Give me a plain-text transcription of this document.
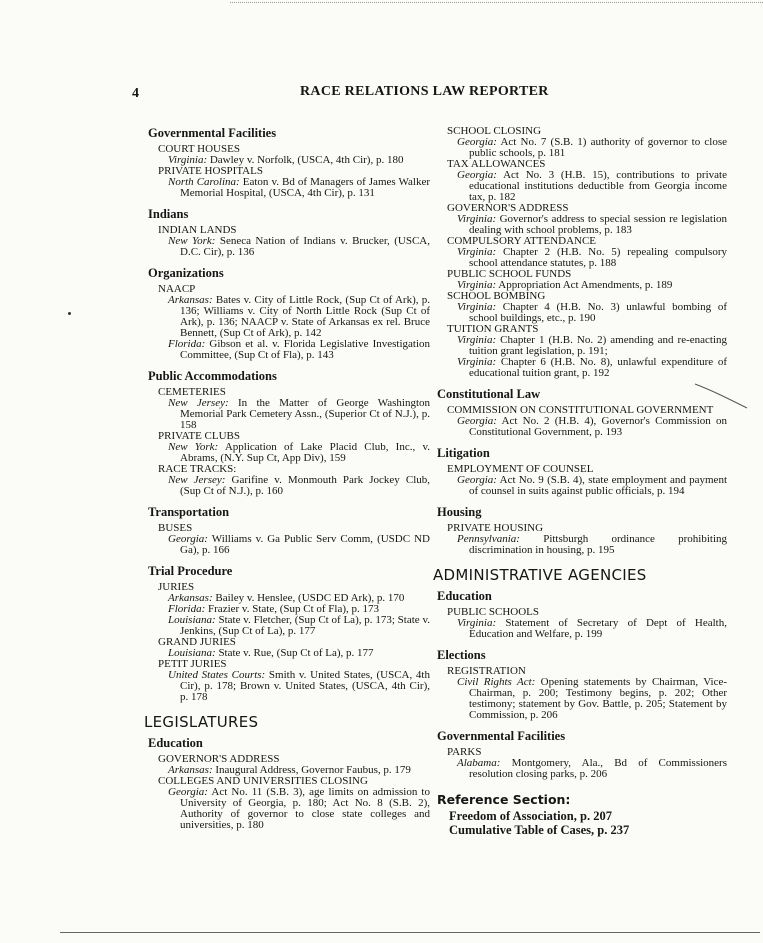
4	RACE RELATIONS LAW REPORTER
Governmental Facilities
COURT HOUSES
Virginia: Dawley v. Norfolk, (USCA, 4th Cir), p. 180
PRIVATE HOSPITALS
North Carolina: Eaton v. Bd of Managers of James Walker Memorial Hospital, (USCA, 4th Cir), p. 131
Indians
INDIAN LANDS
New York: Seneca Nation of Indians v. Brucker, (USCA, D.C. Cir), p. 136
Organizations
NAACP
Arkansas: Bates v. City of Little Rock, (Sup Ct of Ark), p. 136; Williams v. City of North Little Rock (Sup Ct of Ark), p. 136; NAACP v. State of Arkansas ex rel. Bruce Bennett, (Sup Ct of Ark), p. 142
Florida: Gibson et al. v. Florida Legislative Investigation Committee, (Sup Ct of Fla), p. 143
Public Accommodations
CEMETERIES
New Jersey: In the Matter of George Washington Memorial Park Cemetery Assn., (Superior Ct of N.J.), p. 158
PRIVATE CLUBS
New York: Application of Lake Placid Club, Inc., v. Abrams, (N.Y. Sup Ct, App Div), 159
RACE TRACKS:
New Jersey: Garifine v. Monmouth Park Jockey Club, (Sup Ct of N.J.), p. 160
Transportation
BUSES
Georgia: Williams v. Ga Public Serv Comm, (USDC ND Ga), p. 166
Trial Procedure
JURIES
Arkansas: Bailey v. Henslee, (USDC ED Ark), p. 170
Florida: Frazier v. State, (Sup Ct of Fla), p. 173
Louisiana: State v. Fletcher, (Sup Ct of La), p. 173; State v. Jenkins, (Sup Ct of La), p. 177
GRAND JURIES
Louisiana: State v. Rue, (Sup Ct of La), p. 177
PETIT JURIES
United States Courts: Smith v. United States, (USCA, 4th Cir), p. 178; Brown v. United States, (USCA, 4th Cir), p. 178
LEGISLATURES
Education
GOVERNOR'S ADDRESS
Arkansas: Inaugural Address, Governor Faubus, p. 179
COLLEGES AND UNIVERSITIES CLOSING
Georgia: Act No. 11 (S.B. 3), age limits on admission to University of Georgia, p. 180; Act No. 8 (S.B. 2), Authority of governor to close state colleges and universities, p. 180
SCHOOL CLOSING
Georgia: Act No. 7 (S.B. 1) authority of governor to close public schools, p. 181
TAX ALLOWANCES
Georgia: Act No. 3 (H.B. 15), contributions to private educational institutions deductible from Georgia income tax, p. 182
GOVERNOR'S ADDRESS
Virginia: Governor's address to special session re legislation dealing with school problems, p. 183
COMPULSORY ATTENDANCE
Virginia: Chapter 2 (H.B. No. 5) repealing compulsory school attendance statutes, p. 188
PUBLIC SCHOOL FUNDS
Virginia: Appropriation Act Amendments, p. 189
SCHOOL BOMBING
Virginia: Chapter 4 (H.B. No. 3) unlawful bombing of school buildings, etc., p. 190
TUITION GRANTS
Virginia: Chapter 1 (H.B. No. 2) amending and re-enacting tuition grant legislation, p. 191;
Virginia: Chapter 6 (H.B. No. 8), unlawful expenditure of educational tuition grant, p. 192
Constitutional Law
COMMISSION ON CONSTITUTIONAL GOVERNMENT
Georgia: Act No. 2 (H.B. 4), Governor's Commission on Constitutional Government, p. 193
Litigation
EMPLOYMENT OF COUNSEL
Georgia: Act No. 9 (S.B. 4), state employment and payment of counsel in suits against public officials, p. 194
Housing
PRIVATE HOUSING
Pennsylvania: Pittsburgh ordinance prohibiting discrimination in housing, p. 195
ADMINISTRATIVE AGENCIES
Education
PUBLIC SCHOOLS
Virginia: Statement of Secretary of Dept of Health, Education and Welfare, p. 199
Elections
REGISTRATION
Civil Rights Act: Opening statements by Chairman, Vice-Chairman, p. 200; Testimony begins, p. 202; Other testimony; statement by Gov. Battle, p. 205; Statement by Commission, p. 206
Governmental Facilities
PARKS
Alabama: Montgomery, Ala., Bd of Commissioners resolution closing parks, p. 206
Reference Section:
Freedom of Association, p. 207
Cumulative Table of Cases, p. 237
